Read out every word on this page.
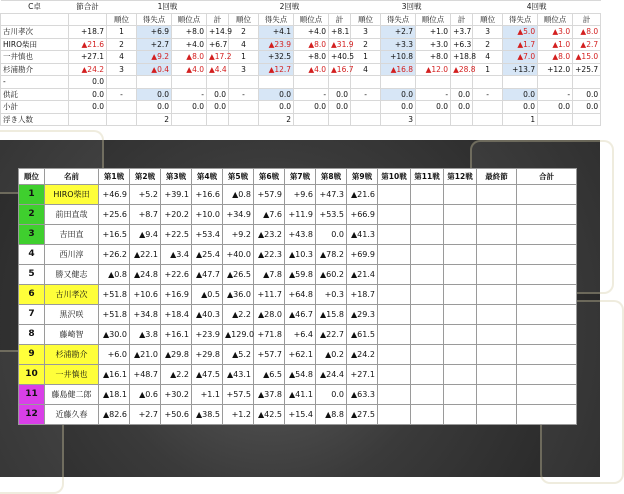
C卓	節合計	1回戦				2回戦				3回戦				4回戦			
		順位	得失点	順位点	計	順位	得失点	順位点	計	順位	得失点	順位点	計	順位	得失点	順位点	計
古川孝次	+18.7	1	+6.9	+8.0	+14.9	2	+4.1	+4.0	+8.1	3	+2.7	+1.0	+3.7	3	▲5.0	▲3.0	▲8.0
HIRO柴田	▲21.6	2	+2.7	+4.0	+6.7	4	▲23.9	▲8.0	▲31.9	2	+3.3	+3.0	+6.3	2	▲1.7	▲1.0	▲2.7
一井慎也	+27.1	4	▲9.2	▲8.0	▲17.2	1	+32.5	+8.0	+40.5	1	+10.8	+8.0	+18.8	4	▲7.0	▲8.0	▲15.0
杉浦勘介	▲24.2	3	▲0.4	▲4.0	▲4.4	3	▲12.7	▲4.0	▲16.7	4	▲16.8	▲12.0	▲28.8	1	+13.7	+12.0	+25.7
-	0.0																
供託	0.0	-	0.0	-	0.0	-	0.0	-	0.0	-	0.0	-	0.0	-	0.0	-	0.0
小計	0.0		0.0	0.0	0.0		0.0	0.0	0.0		0.0	0.0	0.0		0.0	0.0	0.0
浮き人数			2				2				3				1		
順位	名前	第1戦	第2戦	第3戦	第4戦	第5戦	第6戦	第7戦	第8戦	第9戦	第10戦	第11戦	第12戦	最終節	合計	
1	HIRO柴田	+46.9	+5.2	+39.1	+16.6	▲0.8	+57.9	+9.6	+47.3	▲21.6						
2	前田直哉	+25.6	+8.7	+20.2	+10.0	+34.9	▲7.6	+11.9	+53.5	+66.9						
3	吉田直	+16.5	▲9.4	+22.5	+53.4	+9.2	▲23.2	+43.8	0.0	▲41.3						
4	西川淳	+26.2	▲22.1	▲3.4	▲25.4	+40.0	▲22.3	▲10.3	▲78.2	+69.9						
5	勝又健志	▲0.8	▲24.8	+22.6	▲47.7	▲26.5	▲7.8	▲59.8	▲60.2	▲21.4						
6	古川孝次	+51.8	+10.6	+16.9	▲0.5	▲36.0	+11.7	+64.8	+0.3	+18.7						
7	黒沢咲	+51.8	+34.8	+18.4	▲40.3	▲2.2	▲28.0	▲46.7	▲15.8	▲29.3						
8	藤崎智	▲30.0	▲3.8	+16.1	+23.9	▲129.0	+71.8	+6.4	▲22.7	▲61.5						
9	杉浦勘介	+6.0	▲21.0	▲29.8	+29.8	▲5.2	+57.7	+62.1	▲0.2	▲24.2						
10	一井慎也	▲16.1	+48.7	▲2.2	▲47.5	▲43.1	▲6.5	▲54.8	▲24.4	+27.1						
11	藤島健二郎	▲18.1	▲0.6	+30.2	+1.1	+57.5	▲37.8	▲41.1	0.0	▲63.3						
12	近藤久春	▲82.6	+2.7	+50.6	▲38.5	+1.2	▲42.5	+15.4	▲8.8	▲27.5						
